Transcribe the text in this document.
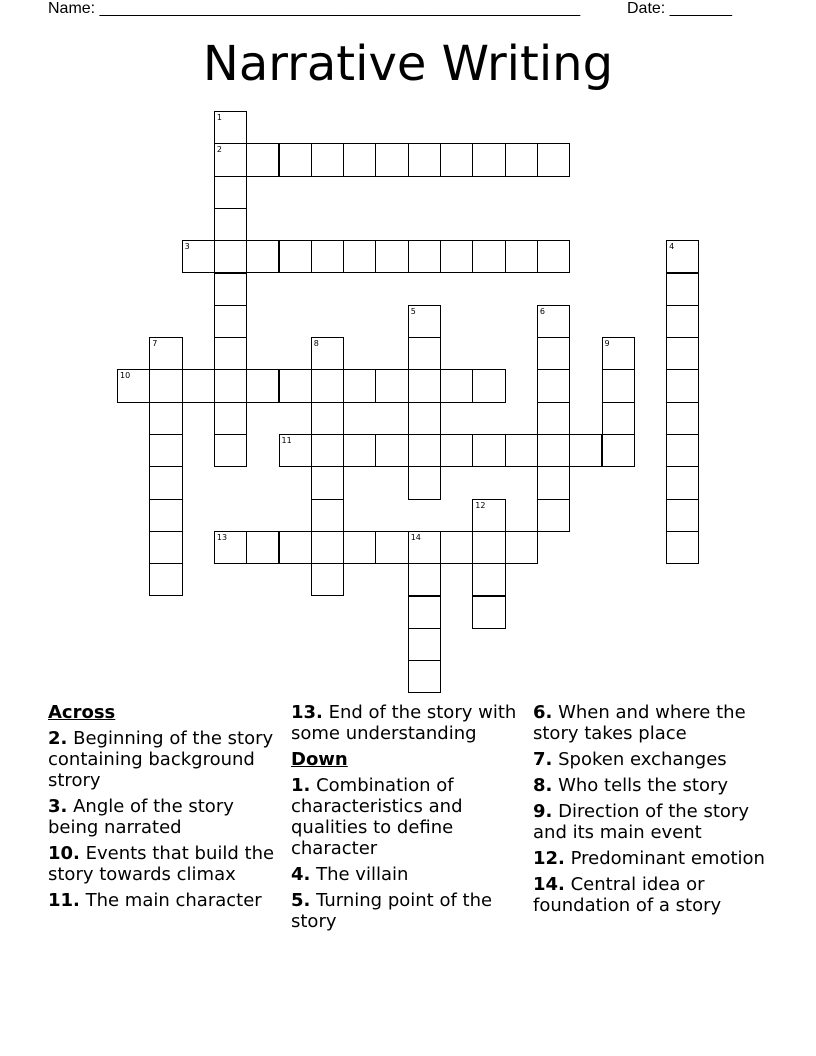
Name: ______________________________________________________	Date: _______
Narrative Writing
1
2
3	4
5	6
7	8	9
10
11
12
13	14
Across
2. Beginning of the story containing background strory
3. Angle of the story being narrated
10. Events that build the story towards climax
11. The main character
13. End of the story with some understanding
Down
1. Combination of characteristics and qualities to define character
4. The villain
5. Turning point of the story
6. When and where the story takes place
7. Spoken exchanges
8. Who tells the story
9. Direction of the story and its main event
12. Predominant emotion
14. Central idea or foundation of a story
